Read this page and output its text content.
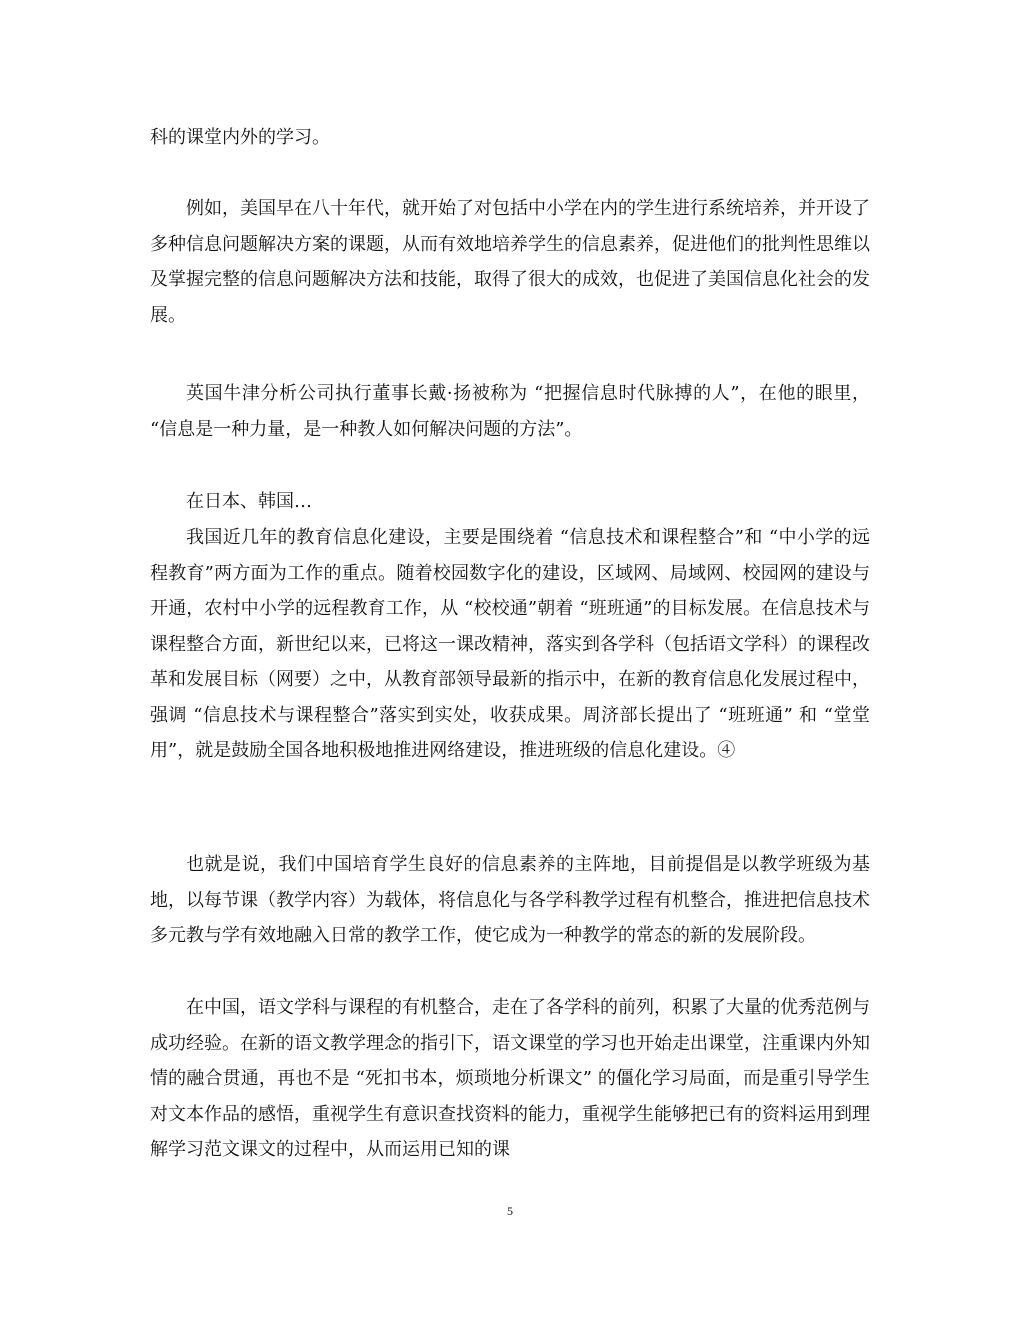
科的课堂内外的学习。

例如，美国早在八十年代，就开始了对包括中小学在内的学生进行系统培养，并开设了多种信息问题解决方案的课题，从而有效地培养学生的信息素养，促进他们的批判性思维以及掌握完整的信息问题解决方法和技能，取得了很大的成效，也促进了美国信息化社会的发展。

英国牛津分析公司执行董事长戴·扬被称为 “把握信息时代脉搏的人”，在他的眼里， “信息是一种力量，是一种教人如何解决问题的方法”。

在日本、韩国…

我国近几年的教育信息化建设，主要是围绕着 “信息技术和课程整合”和 “中小学的远程教育”两方面为工作的重点。随着校园数字化的建设，区域网、局域网、校园网的建设与开通，农村中小学的远程教育工作，从 “校校通”朝着 “班班通”的目标发展。在信息技术与课程整合方面，新世纪以来，已将这一课改精神，落实到各学科（包括语文学科）的课程改革和发展目标（网要）之中，从教育部领导最新的指示中，在新的教育信息化发展过程中，强调 “信息技术与课程整合”落实到实处，收获成果。周济部长提出了 “班班通” 和 “堂堂用”，就是鼓励全国各地积极地推进网络建设，推进班级的信息化建设。④

也就是说，我们中国培育学生良好的信息素养的主阵地，目前提倡是以教学班级为基地，以每节课（教学内容）为载体，将信息化与各学科教学过程有机整合，推进把信息技术多元教与学有效地融入日常的教学工作，使它成为一种教学的常态的新的发展阶段。

在中国，语文学科与课程的有机整合，走在了各学科的前列，积累了大量的优秀范例与成功经验。在新的语文教学理念的指引下，语文课堂的学习也开始走出课堂，注重课内外知情的融合贯通，再也不是 “死扣书本，烦琐地分析课文” 的僵化学习局面，而是重引导学生对文本作品的感悟，重视学生有意识查找资料的能力，重视学生能够把已有的资料运用到理解学习范文课文的过程中，从而运用已知的课

5
